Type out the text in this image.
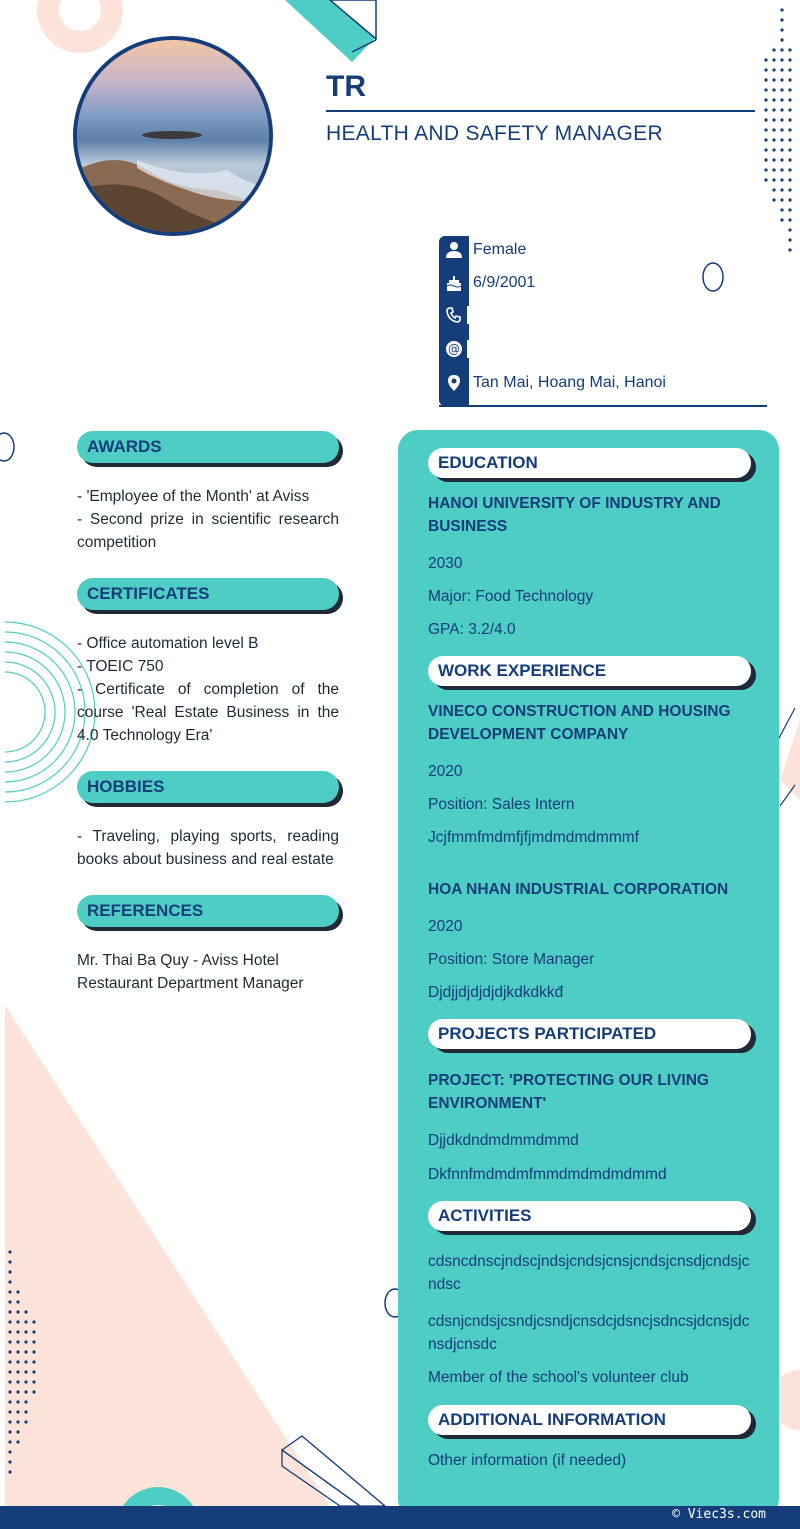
TR
HEALTH AND SAFETY MANAGER
Female
6/9/2001
@
Tan Mai, Hoang Mai, Hanoi
AWARDS
- 'Employee of the Month' at Aviss
- Second prize in scientific research competition
CERTIFICATES
- Office automation level B
- TOEIC 750
- Certificate of completion of the course 'Real Estate Business in the 4.0 Technology Era'
HOBBIES
- Traveling, playing sports, reading books about business and real estate
REFERENCES
Mr. Thai Ba Quy - Aviss Hotel Restaurant Department Manager
EDUCATION
HANOI UNIVERSITY OF INDUSTRY AND BUSINESS
2030
Major: Food Technology
GPA: 3.2/4.0
WORK EXPERIENCE
VINECO CONSTRUCTION AND HOUSING DEVELOPMENT COMPANY
2020
Position: Sales Intern
Jcjfmmfmdmfjfjmdmdmdmmmf
HOA NHAN INDUSTRIAL CORPORATION
2020
Position: Store Manager
Djdjjdjdjdjdjkdkdkkđ
PROJECTS PARTICIPATED
PROJECT: 'PROTECTING OUR LIVING ENVIRONMENT'
Djjdkdndmdmmdmmd
Dkfnnfmdmdmfmmdmdmdmdmmd
ACTIVITIES
cdsncdnscjndscjndsjcndsjcnsjcndsjcnsdjcndsjcndsc
cdsnjcndsjcsndjcsndjcnsdcjdsncjsdncsjdcnsjdcnsdjcnsdc
Member of the school's volunteer club
ADDITIONAL INFORMATION
Other information (if needed)
© Viec3s.com
